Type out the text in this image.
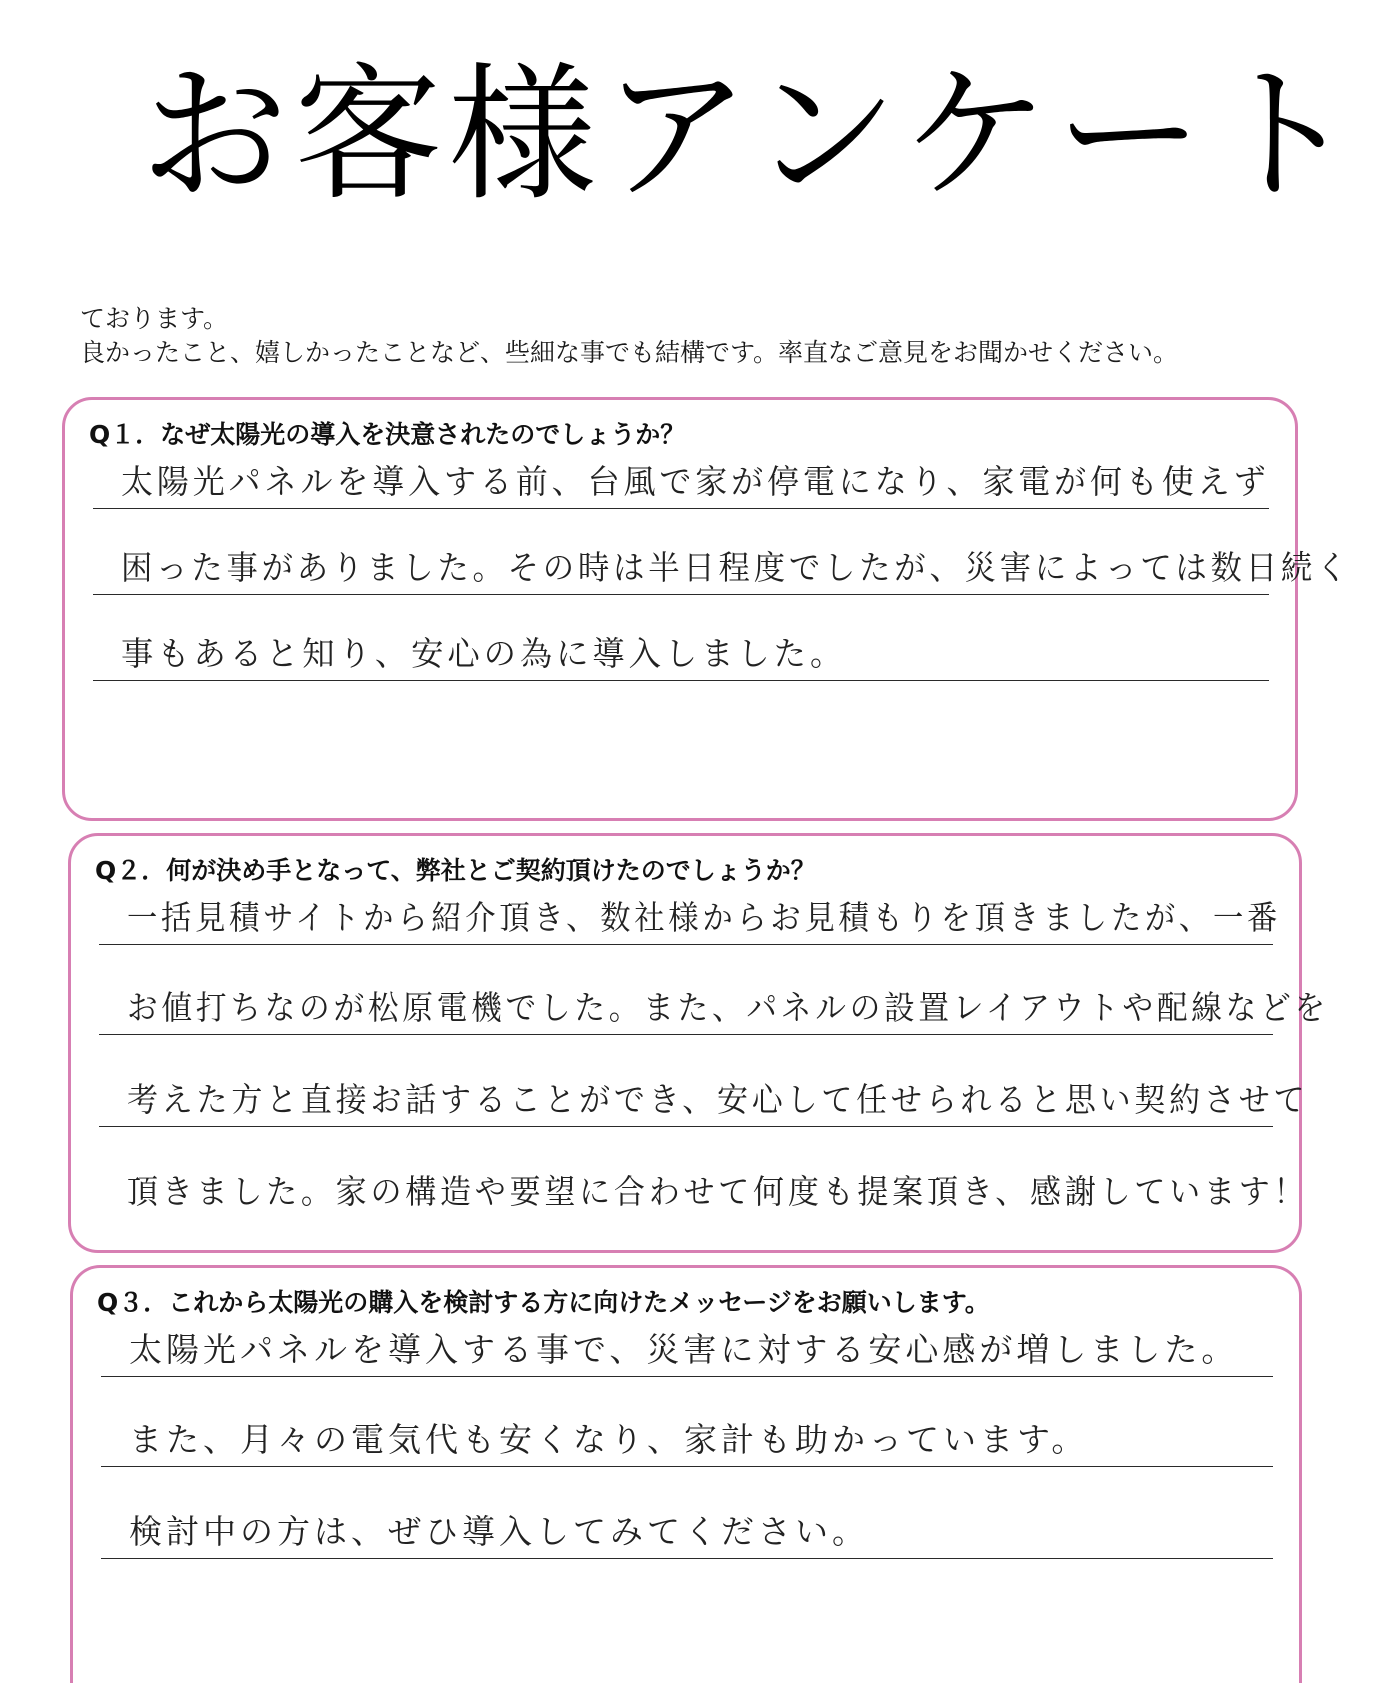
お客様アンケート
ております。
良かったこと、嬉しかったことなど、些細な事でも結構です。率直なご意見をお聞かせください。
Q１．なぜ太陽光の導入を決意されたのでしょうか？
太陽光パネルを導入する前、台風で家が停電になり、家電が何も使えず
困った事がありました。その時は半日程度でしたが、災害によっては数日続く
事もあると知り、安心の為に導入しました。
Q２．何が決め手となって、弊社とご契約頂けたのでしょうか？
一括見積サイトから紹介頂き、数社様からお見積もりを頂きましたが、一番
お値打ちなのが松原電機でした。また、パネルの設置レイアウトや配線などを
考えた方と直接お話することができ、安心して任せられると思い契約させて
頂きました。家の構造や要望に合わせて何度も提案頂き、感謝しています！
Q３．これから太陽光の購入を検討する方に向けたメッセージをお願いします。
太陽光パネルを導入する事で、災害に対する安心感が増しました。
また、月々の電気代も安くなり、家計も助かっています。
検討中の方は、ぜひ導入してみてください。
